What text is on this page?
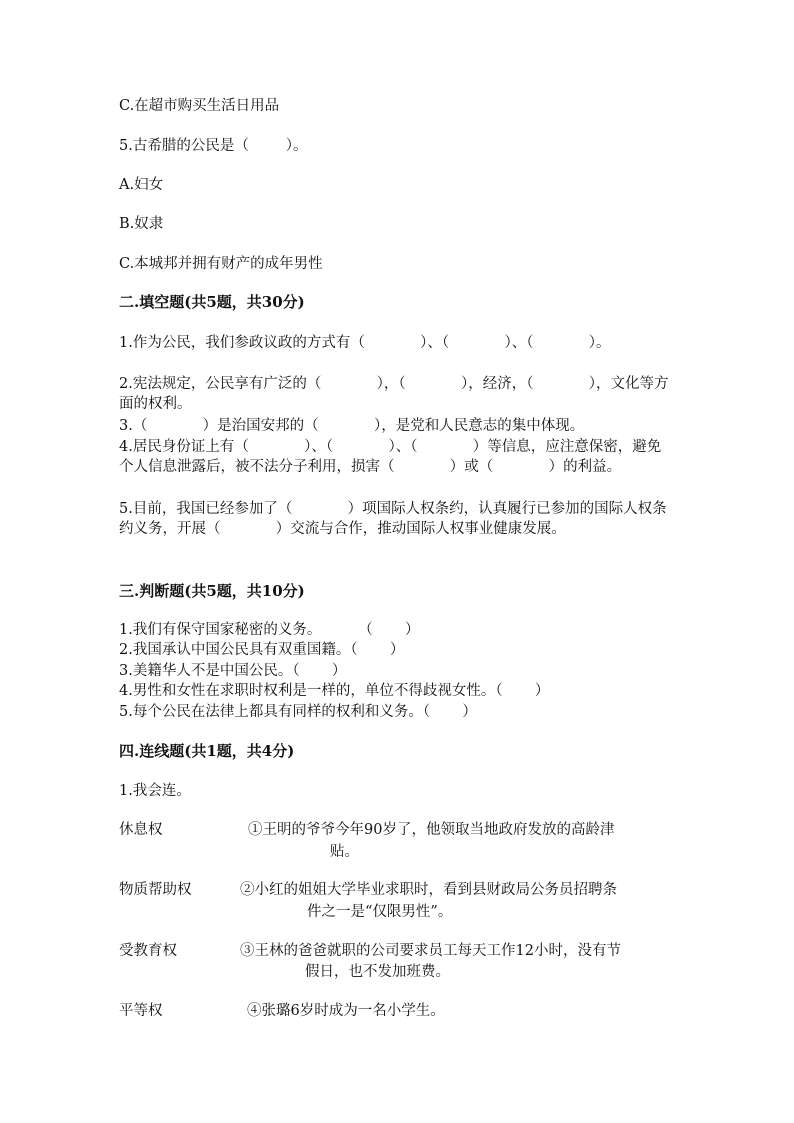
C.在超市购买生活日用品

5.古希腊的公民是（        ）。

A.妇女

B.奴隶

C.本城邦并拥有财产的成年男性

二.填空题(共5题，共30分)

1.作为公民，我们参政议政的方式有（            ）、（            ）、（            ）。

2.宪法规定，公民享有广泛的（            ），（            ），经济，（            ），文化等方面的权利。

3.（            ）是治国安邦的（            ），是党和人民意志的集中体现。

4.居民身份证上有（            ）、（            ）、（            ）等信息，应注意保密，避免个人信息泄露后，被不法分子利用，损害（            ）或（            ）的利益。

5.目前，我国已经参加了（            ）项国际人权条约，认真履行已参加的国际人权条约义务，开展（            ）交流与合作，推动国际人权事业健康发展。

三.判断题(共5题，共10分)

1.我们有保守国家秘密的义务。        （       ）

2.我国承认中国公民具有双重国籍。（       ）

3.美籍华人不是中国公民。（       ）

4.男性和女性在求职时权利是一样的，单位不得歧视女性。（       ）

5.每个公民在法律上都具有同样的权利和义务。（       ）

四.连线题(共1题，共4分)

1.我会连。

休息权	①王明的爷爷今年90岁了，他领取当地政府发放的高龄津

贴。

物质帮助权	②小红的姐姐大学毕业求职时，看到县财政局公务员招聘条

件之一是“仅限男性”。

受教育权	③王林的爸爸就职的公司要求员工每天工作12小时，没有节

假日，也不发加班费。

平等权	④张璐6岁时成为一名小学生。
